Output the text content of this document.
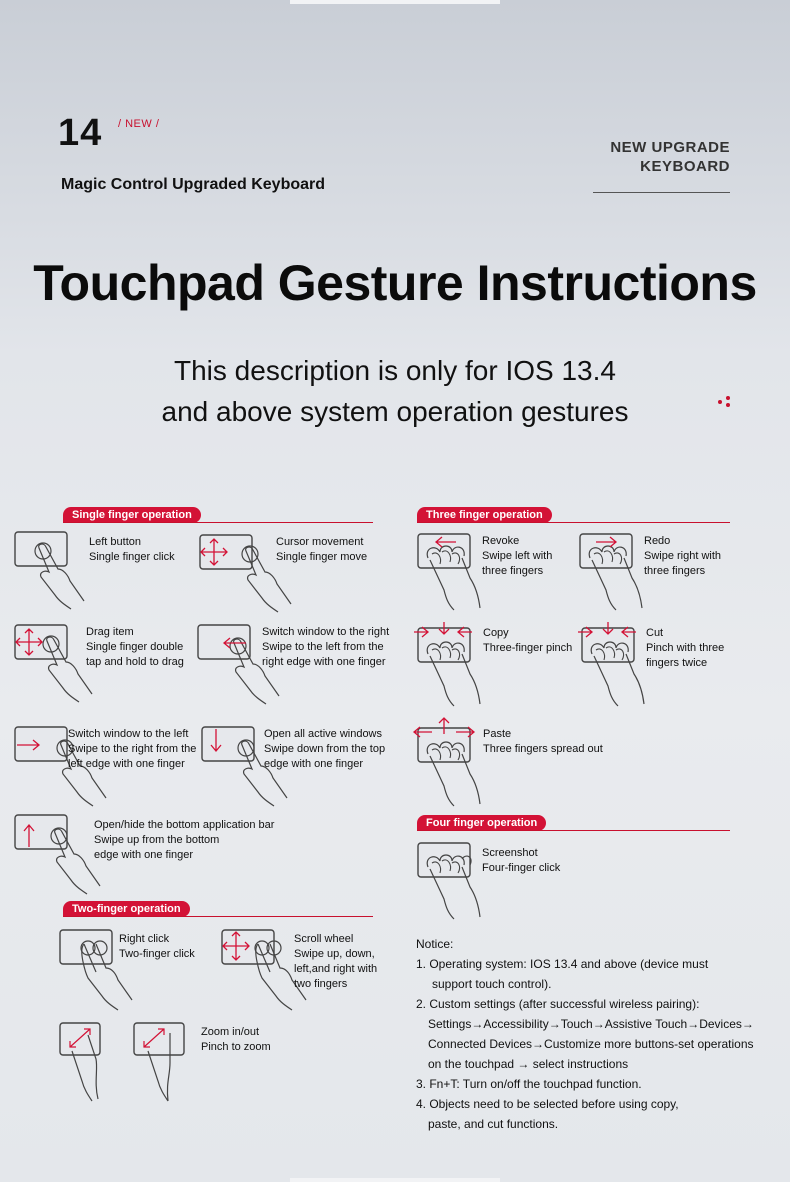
14 / NEW /
Magic Control Upgraded Keyboard
NEW UPGRADE
KEYBOARD
Touchpad Gesture Instructions
This description is only for IOS 13.4
and above system operation gestures
Single finger operation
Left button
Single finger click
Cursor movement
Single finger move
Drag item
Single finger double
tap and hold to drag
Switch window to the right
Swipe to the left from the
right edge with one finger
Switch window to the left
Swipe to the right from the
left edge with one finger
Open all active windows
Swipe down from the top
edge with one finger
Open/hide the bottom application bar
Swipe up from the bottom
edge with one finger
Two-finger operation
Right click
Two-finger click
Scroll wheel
Swipe up, down,
left,and right with
two fingers
Zoom in/out
Pinch to zoom
Three finger operation
Revoke
Swipe left with
three fingers
Redo
Swipe right with
three fingers
Copy
Three-finger pinch
Cut
Pinch with three
fingers twice
Paste
Three fingers spread out
Four finger operation
Screenshot
Four-finger click
Notice:
1. Operating system: IOS 13.4 and above (device must
support touch control).
2. Custom settings (after successful wireless pairing):
Settings→Accessibility→Touch→Assistive Touch→Devices→
Connected Devices→Customize more buttons-set operations
on the touchpad → select instructions
3. Fn+T: Turn on/off the touchpad function.
4. Objects need to be selected before using copy,
paste, and cut functions.
